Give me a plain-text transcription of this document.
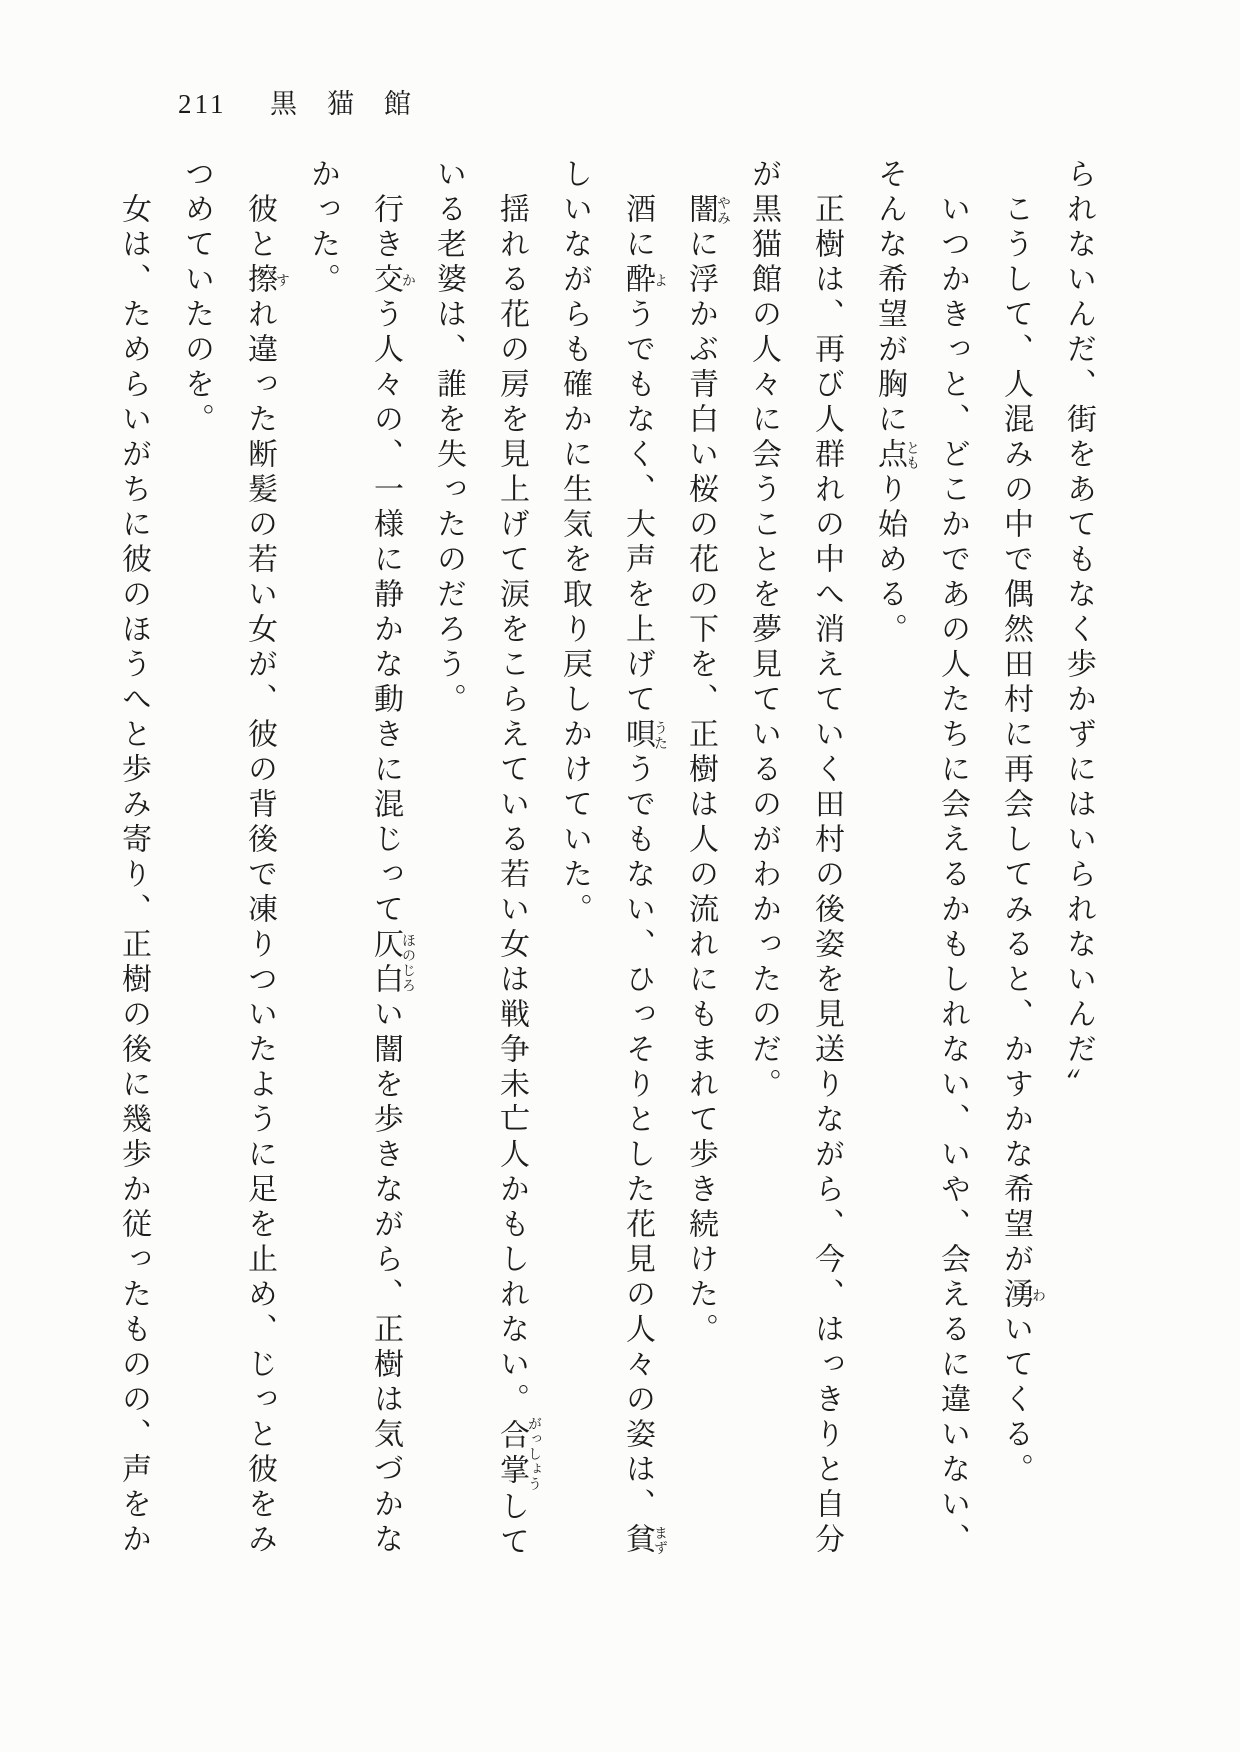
211 黒猫館

られないんだ、街をあてもなく歩かずにはいられないんだ〟

こうして、人混みの中で偶然田村に再会してみると、かすかな希望が湧わいてくる。

いつかきっと、どこかであの人たちに会えるかもしれない、いや、会えるに違いない、

そんな希望が胸に点ともり始める。

正樹は、再び人群れの中へ消えていく田村の後姿を見送りながら、今、はっきりと自分

が黒猫館の人々に会うことを夢見ているのがわかったのだ。

闇やみに浮かぶ青白い桜の花の下を、正樹は人の流れにもまれて歩き続けた。

酒に酔ようでもなく、大声を上げて唄うたうでもない、ひっそりとした花見の人々の姿は、貧まず

しいながらも確かに生気を取り戻しかけていた。

揺れる花の房を見上げて涙をこらえている若い女は戦争未亡人かもしれない。合掌がっしょうして

いる老婆は、誰を失ったのだろう。

行き交かう人々の、一様に静かな動きに混じって仄白ほのじろい闇を歩きながら、正樹は気づかな

かった。

彼と擦すれ違った断髪の若い女が、彼の背後で凍りついたように足を止め、じっと彼をみ

つめていたのを。

女は、ためらいがちに彼のほうへと歩み寄り、正樹の後に幾歩か従ったものの、声をか
